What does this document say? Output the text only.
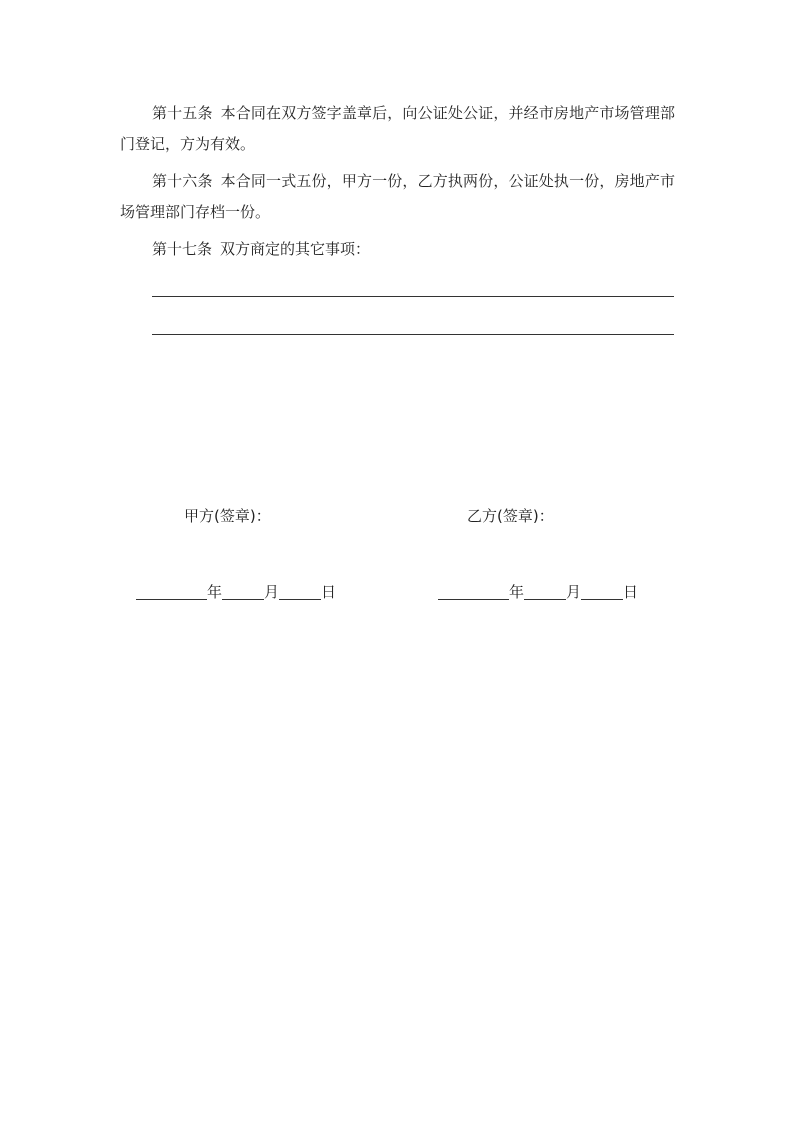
第十五条 本合同在双方签字盖章后，向公证处公证，并经市房地产市场管理部门登记，方为有效。

第十六条 本合同一式五份，甲方一份，乙方执两份，公证处执一份，房地产市场管理部门存档一份。

第十七条 双方商定的其它事项：

甲方(签章)：	乙方(签章)：
年	月	日	年	月	日
